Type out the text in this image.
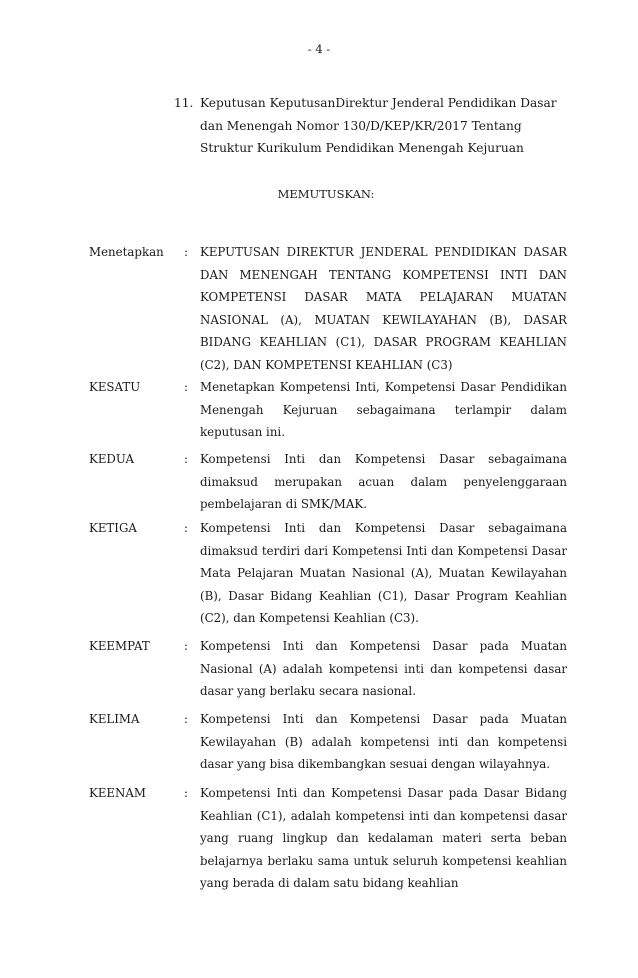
- 4 -
11. Keputusan KeputusanDirektur Jenderal Pendidikan Dasar dan Menengah Nomor 130/D/KEP/KR/2017 Tentang Struktur Kurikulum Pendidikan Menengah Kejuruan
MEMUTUSKAN:
Menetapkan	: KEPUTUSAN DIREKTUR JENDERAL PENDIDIKAN DASAR DAN MENENGAH TENTANG KOMPETENSI INTI DAN KOMPETENSI DASAR MATA PELAJARAN MUATAN NASIONAL (A), MUATAN KEWILAYAHAN (B), DASAR BIDANG KEAHLIAN (C1), DASAR PROGRAM KEAHLIAN (C2), DAN KOMPETENSI KEAHLIAN (C3)
KESATU	: Menetapkan Kompetensi Inti, Kompetensi Dasar Pendidikan Menengah Kejuruan sebagaimana terlampir dalam keputusan ini.
KEDUA	: Kompetensi Inti dan Kompetensi Dasar sebagaimana dimaksud merupakan acuan dalam penyelenggaraan pembelajaran di SMK/MAK.
KETIGA	: Kompetensi Inti dan Kompetensi Dasar sebagaimana dimaksud terdiri dari Kompetensi Inti dan Kompetensi Dasar Mata Pelajaran Muatan Nasional (A), Muatan Kewilayahan (B), Dasar Bidang Keahlian (C1), Dasar Program Keahlian (C2), dan Kompetensi Keahlian (C3).
KEEMPAT	: Kompetensi Inti dan Kompetensi Dasar pada Muatan Nasional (A) adalah kompetensi inti dan kompetensi dasar dasar yang berlaku secara nasional.
KELIMA	: Kompetensi Inti dan Kompetensi Dasar pada Muatan Kewilayahan (B) adalah kompetensi inti dan kompetensi dasar yang bisa dikembangkan sesuai dengan wilayahnya.
KEENAM	: Kompetensi Inti dan Kompetensi Dasar pada Dasar Bidang Keahlian (C1), adalah kompetensi inti dan kompetensi dasar yang ruang lingkup dan kedalaman materi serta beban belajarnya berlaku sama untuk seluruh kompetensi keahlian yang berada di dalam satu bidang keahlian
